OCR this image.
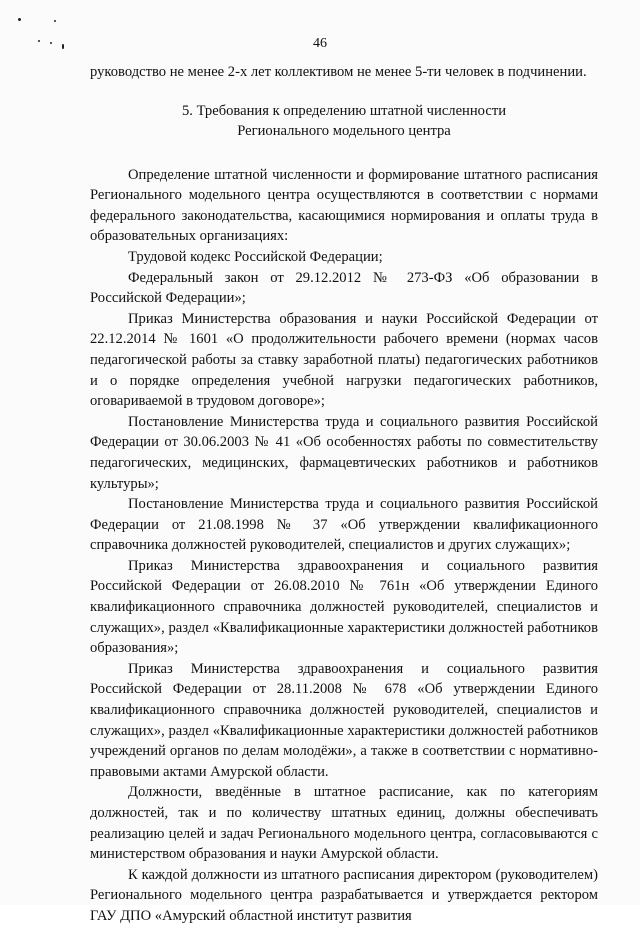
46

руководство не менее 2-х лет коллективом не менее 5-ти человек в подчинении.

5. Требования к определению штатной численности
Регионального модельного центра

Определение штатной численности и формирование штатного расписания Регионального модельного центра осуществляются в соответствии с нормами федерального законодательства, касающимися нормирования и оплаты труда в образовательных организациях:

Трудовой кодекс Российской Федерации;

Федеральный закон от 29.12.2012 № 273-ФЗ «Об образовании в Российской Федерации»;

Приказ Министерства образования и науки Российской Федерации от 22.12.2014 № 1601 «О продолжительности рабочего времени (нормах часов педагогической работы за ставку заработной платы) педагогических работников и о порядке определения учебной нагрузки педагогических работников, оговариваемой в трудовом договоре»;

Постановление Министерства труда и социального развития Российской Федерации от 30.06.2003 № 41 «Об особенностях работы по совместительству педагогических, медицинских, фармацевтических работников и работников культуры»;

Постановление Министерства труда и социального развития Российской Федерации от 21.08.1998 № 37 «Об утверждении квалификационного справочника должностей руководителей, специалистов и других служащих»;

Приказ Министерства здравоохранения и социального развития Российской Федерации от 26.08.2010 № 761н «Об утверждении Единого квалификационного справочника должностей руководителей, специалистов и служащих», раздел «Квалификационные характеристики должностей работников образования»;

Приказ Министерства здравоохранения и социального развития Российской Федерации от 28.11.2008 № 678 «Об утверждении Единого квалификационного справочника должностей руководителей, специалистов и служащих», раздел «Квалификационные характеристики должностей работников учреждений органов по делам молодёжи», а также в соответствии с нормативно-правовыми актами Амурской области.

Должности, введённые в штатное расписание, как по категориям должностей, так и по количеству штатных единиц, должны обеспечивать реализацию целей и задач Регионального модельного центра, согласовываются с министерством образования и науки Амурской области.

К каждой должности из штатного расписания директором (руководителем) Регионального модельного центра разрабатывается и утверждается ректором ГАУ ДПО «Амурский областной институт развития
